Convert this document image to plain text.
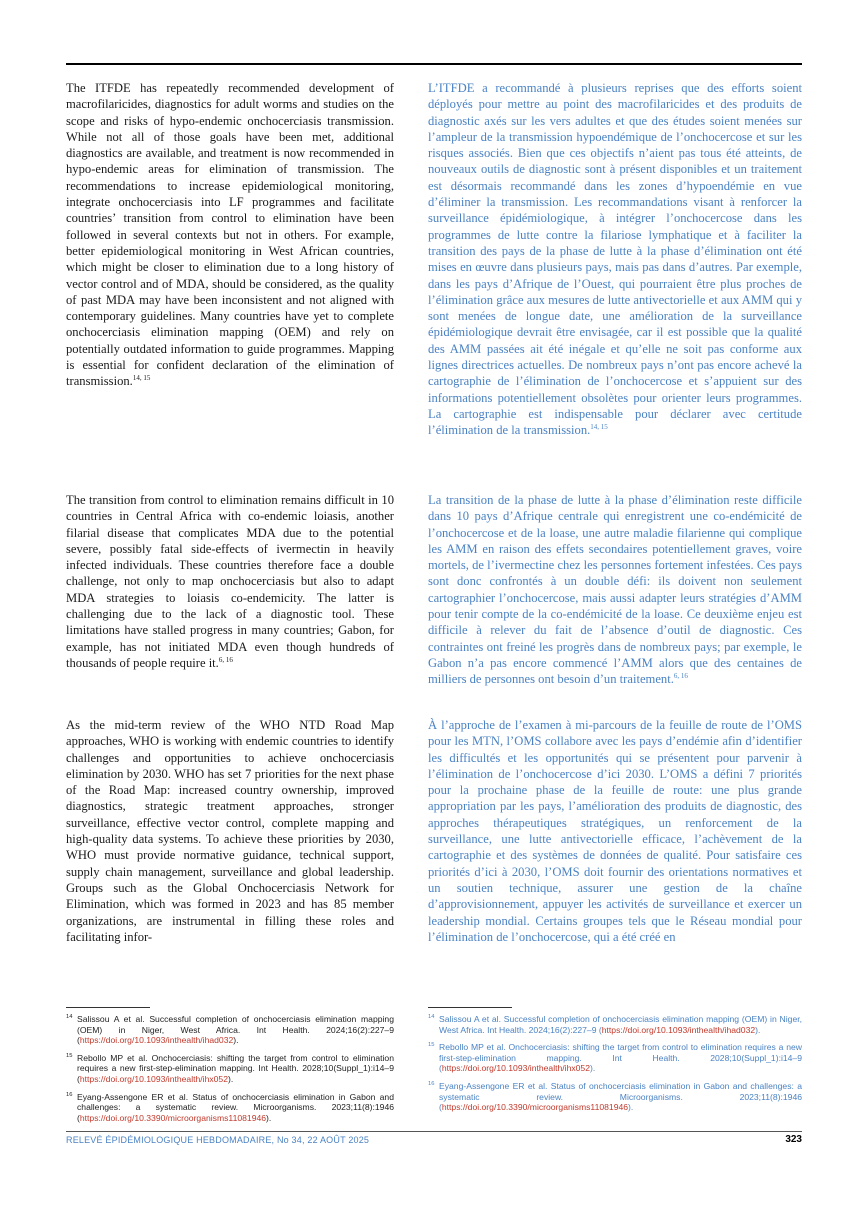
The ITFDE has repeatedly recommended development of macrofilaricides, diagnostics for adult worms and studies on the scope and risks of hypo-endemic onchocerciasis transmission. While not all of those goals have been met, additional diagnostics are available, and treatment is now recommended in hypo-endemic areas for elimination of transmission. The recommendations to increase epidemiological monitoring, integrate onchocerciasis into LF programmes and facilitate countries’ transition from control to elimination have been followed in several contexts but not in others. For example, better epidemiological monitoring in West African countries, which might be closer to elimination due to a long history of vector control and of MDA, should be considered, as the quality of past MDA may have been inconsistent and not aligned with contemporary guidelines. Many countries have yet to complete onchocerciasis elimination mapping (OEM) and rely on potentially outdated information to guide programmes. Mapping is essential for confident declaration of the elimination of transmission.$^{14, 15}$

The transition from control to elimination remains difficult in 10 countries in Central Africa with co-endemic loiasis, another filarial disease that complicates MDA due to the potential severe, possibly fatal side-effects of ivermectin in heavily infected individuals. These countries therefore face a double challenge, not only to map onchocerciasis but also to adapt MDA strategies to loiasis co-endemicity. The latter is challenging due to the lack of a diagnostic tool. These limitations have stalled progress in many countries; Gabon, for example, has not initiated MDA even though hundreds of thousands of people require it.$^{6, 16}$

As the mid-term review of the WHO NTD Road Map approaches, WHO is working with endemic countries to identify challenges and opportunities to achieve onchocerciasis elimination by 2030. WHO has set 7 priorities for the next phase of the Road Map: increased country ownership, improved diagnostics, strategic treatment approaches, stronger surveillance, effective vector control, complete mapping and high-quality data systems. To achieve these priorities by 2030, WHO must provide normative guidance, technical support, supply chain management, surveillance and global leadership. Groups such as the Global Onchocerciasis Network for Elimination, which was formed in 2023 and has 85 member organizations, are instrumental in filling these roles and facilitating infor-

L’ITFDE a recommandé à plusieurs reprises que des efforts soient déployés pour mettre au point des macrofilaricides et des produits de diagnostic axés sur les vers adultes et que des études soient menées sur l’ampleur de la transmission hypoendémique de l’onchocercose et sur les risques associés. Bien que ces objectifs n’aient pas tous été atteints, de nouveaux outils de diagnostic sont à présent disponibles et un traitement est désormais recommandé dans les zones d’hypoendémie en vue d’éliminer la transmission. Les recommandations visant à renforcer la surveillance épidémiologique, à intégrer l’onchocercose dans les programmes de lutte contre la filariose lymphatique et à faciliter la transition des pays de la phase de lutte à la phase d’élimination ont été mises en œuvre dans plusieurs pays, mais pas dans d’autres. Par exemple, dans les pays d’Afrique de l’Ouest, qui pourraient être plus proches de l’élimination grâce aux mesures de lutte antivectorielle et aux AMM qui y sont menées de longue date, une amélioration de la surveillance épidémiologique devrait être envisagée, car il est possible que la qualité des AMM passées ait été inégale et qu’elle ne soit pas conforme aux lignes directrices actuelles. De nombreux pays n’ont pas encore achevé la cartographie de l’élimination de l’onchocercose et s’appuient sur des informations potentiellement obsolètes pour orienter leurs programmes. La cartographie est indispensable pour déclarer avec certitude l’élimination de la transmission.$^{14, 15}$

La transition de la phase de lutte à la phase d’élimination reste difficile dans 10 pays d’Afrique centrale qui enregistrent une co-endémicité de l’onchocercose et de la loase, une autre maladie filarienne qui complique les AMM en raison des effets secondaires potentiellement graves, voire mortels, de l’ivermectine chez les personnes fortement infestées. Ces pays sont donc confrontés à un double défi: ils doivent non seulement cartographier l’onchocercose, mais aussi adapter leurs stratégies d’AMM pour tenir compte de la co-endémicité de la loase. Ce deuxième enjeu est difficile à relever du fait de l’absence d’outil de diagnostic. Ces contraintes ont freiné les progrès dans de nombreux pays; par exemple, le Gabon n’a pas encore commencé l’AMM alors que des centaines de milliers de personnes ont besoin d’un traitement.$^{6, 16}$

À l’approche de l’examen à mi-parcours de la feuille de route de l’OMS pour les MTN, l’OMS collabore avec les pays d’endémie afin d’identifier les difficultés et les opportunités qui se présentent pour parvenir à l’élimination de l’onchocercose d’ici 2030. L’OMS a défini 7 priorités pour la prochaine phase de la feuille de route: une plus grande appropriation par les pays, l’amélioration des produits de diagnostic, des approches thérapeutiques stratégiques, un renforcement de la surveillance, une lutte antivectorielle efficace, l’achèvement de la cartographie et des systèmes de données de qualité. Pour satisfaire ces priorités d’ici à 2030, l’OMS doit fournir des orientations normatives et un soutien technique, assurer une gestion de la chaîne d’approvisionnement, appuyer les activités de surveillance et exercer un leadership mondial. Certains groupes tels que le Réseau mondial pour l’élimination de l’onchocercose, qui a été créé en

14 Salissou A et al. Successful completion of onchocerciasis elimination mapping (OEM) in Niger, West Africa. Int Health. 2024;16(2):227–9 (https://doi.org/10.1093/inthealth/ihad032).

15 Rebollo MP et al. Onchocerciasis: shifting the target from control to elimination requires a new first-step-elimination mapping. Int Health. 2028;10(Suppl_1):i14–9 (https://doi.org/10.1093/inthealth/ihx052).

16 Eyang-Assengone ER et al. Status of onchocerciasis elimination in Gabon and challenges: a systematic review. Microorganisms. 2023;11(8):1946 (https://doi.org/10.3390/microorganisms11081946).

14 Salissou A et al. Successful completion of onchocerciasis elimination mapping (OEM) in Niger, West Africa. Int Health. 2024;16(2):227–9 (https://doi.org/10.1093/inthealth/ihad032).

15 Rebollo MP et al. Onchocerciasis: shifting the target from control to elimination requires a new first-step-elimination mapping. Int Health. 2028;10(Suppl_1):i14–9 (https://doi.org/10.1093/inthealth/ihx052).

16 Eyang-Assengone ER et al. Status of onchocerciasis elimination in Gabon and challenges: a systematic review. Microorganisms. 2023;11(8):1946 (https://doi.org/10.3390/microorganisms11081946).

RELEVÉ ÉPIDÉMIOLOGIQUE HEBDOMADAIRE, No 34, 22 AOÛT 2025	323
